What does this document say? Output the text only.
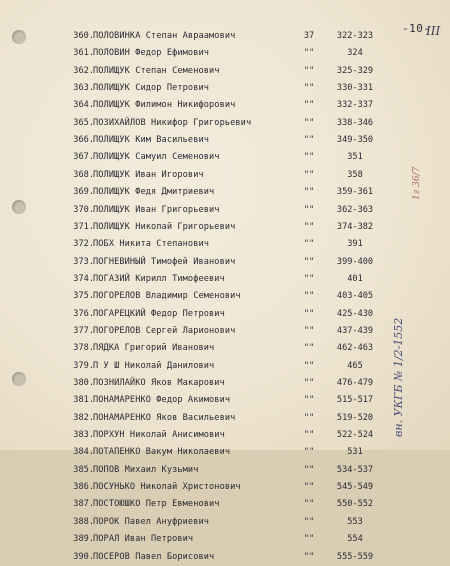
-10-
III
1г 36/7
вн. УКГБ № 1/2-1552
360. ПОЛОВИНКА Степан Авраамович	37	322-323
361. ПОЛОВИН Федор Ефимович	""	324
362. ПОЛИЩУК Степан Семенович	""	325-329
363. ПОЛИЩУК Сидор Петрович	""	330-331
364. ПОЛИЩУК Филимон Никифорович	""	332-337
365. ПОЗИХАЙЛОВ Никифор Григорьевич	""	338-346
366. ПОЛИЩУК Ким Васильевич	""	349-350
367. ПОЛИЩУК Самуил Семенович	""	351
368. ПОЛИЩУК Иван Игорович	""	358
369. ПОЛИЩУК Федя Дмитриевич	""	359-361
370. ПОЛИЩУК Иван Григорьевич	""	362-363
371. ПОЛИЩУК Николай Григорьевич	""	374-382
372. ПОБХ Никита Степанович	""	391
373. ПОГНЕВИНЫЙ Тимофей Иванович	""	399-400
374. ПОГАЗИЙ Кирилл Тимофеевич	""	401
375. ПОГОРЕЛОВ Владимир Семенович	""	403-405
376. ПОГАРЕЦКИЙ Федор Петрович	""	425-430
377. ПОГОРЕЛОВ Сергей Ларионович	""	437-439
378. ПЯДКА Григорий Иванович	""	462-463
379. П У Ш Николай Данилович	""	465
380. ПОЗНИЛАЙКО Яков Макарович	""	476-479
381. ПОНАМАРЕНКО Федор Акимович	""	515-517
382. ПОНАМАРЕНКО Яков Васильевич	""	519-520
383. ПОРХУН Николай Анисимович	""	522-524
384. ПОТАПЕНКО Вакум Николаевич	""	531
385. ПОПОВ Михаил Кузьмич	""	534-537
386. ПОСУНЬКО Николай Христонович	""	545-549
387. ПОСТОЮШКО Петр Евменович	""	550-552
388. ПОРОК Павел Ануфриевич	""	553
389. ПОРАЛ Иван Петрович	""	554
390. ПОСЕРОВ Павел Борисович	""	555-559
